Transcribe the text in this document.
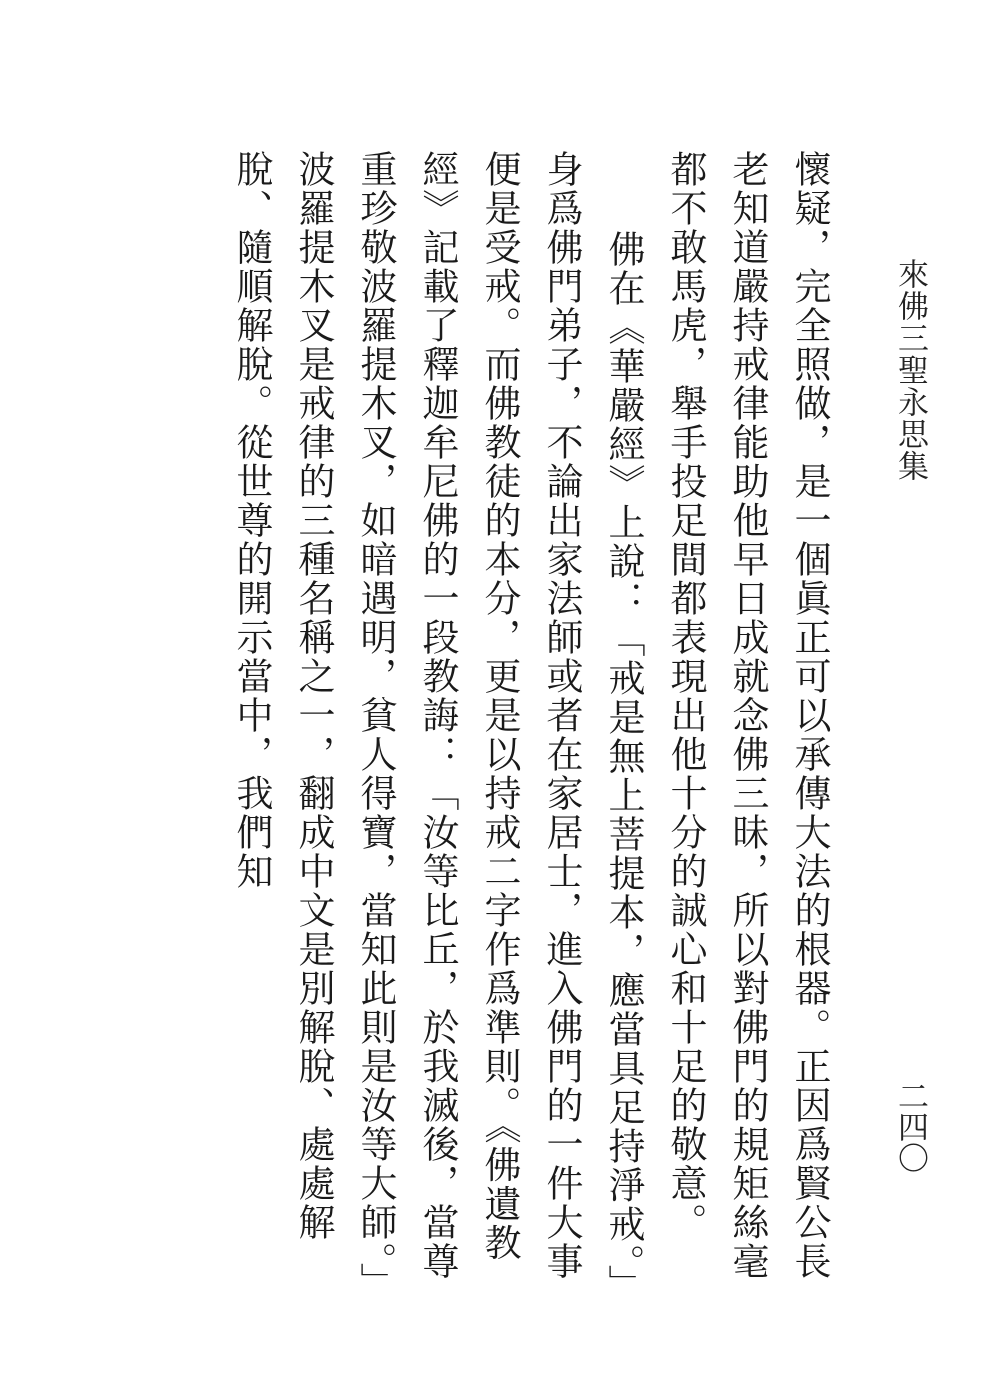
來佛三聖永思集
二四〇

懷疑，完全照做，是一個眞正可以承傳大法的根器。正因爲賢公長老知道嚴持戒律能助他早日成就念佛三昧，所以對佛門的規矩絲毫都不敢馬虎，舉手投足間都表現出他十分的誠心和十足的敬意。

佛在《華嚴經》上說：「戒是無上菩提本，應當具足持淨戒。」身爲佛門弟子，不論出家法師或者在家居士，進入佛門的一件大事便是受戒。而佛教徒的本分，更是以持戒二字作爲準則。《佛遺教經》記載了釋迦牟尼佛的一段教誨：「汝等比丘，於我滅後，當尊重珍敬波羅提木叉，如暗遇明，貧人得寶，當知此則是汝等大師。」波羅提木叉是戒律的三種名稱之一，翻成中文是別解脫、處處解脫、隨順解脫。從世尊的開示當中，我們知
